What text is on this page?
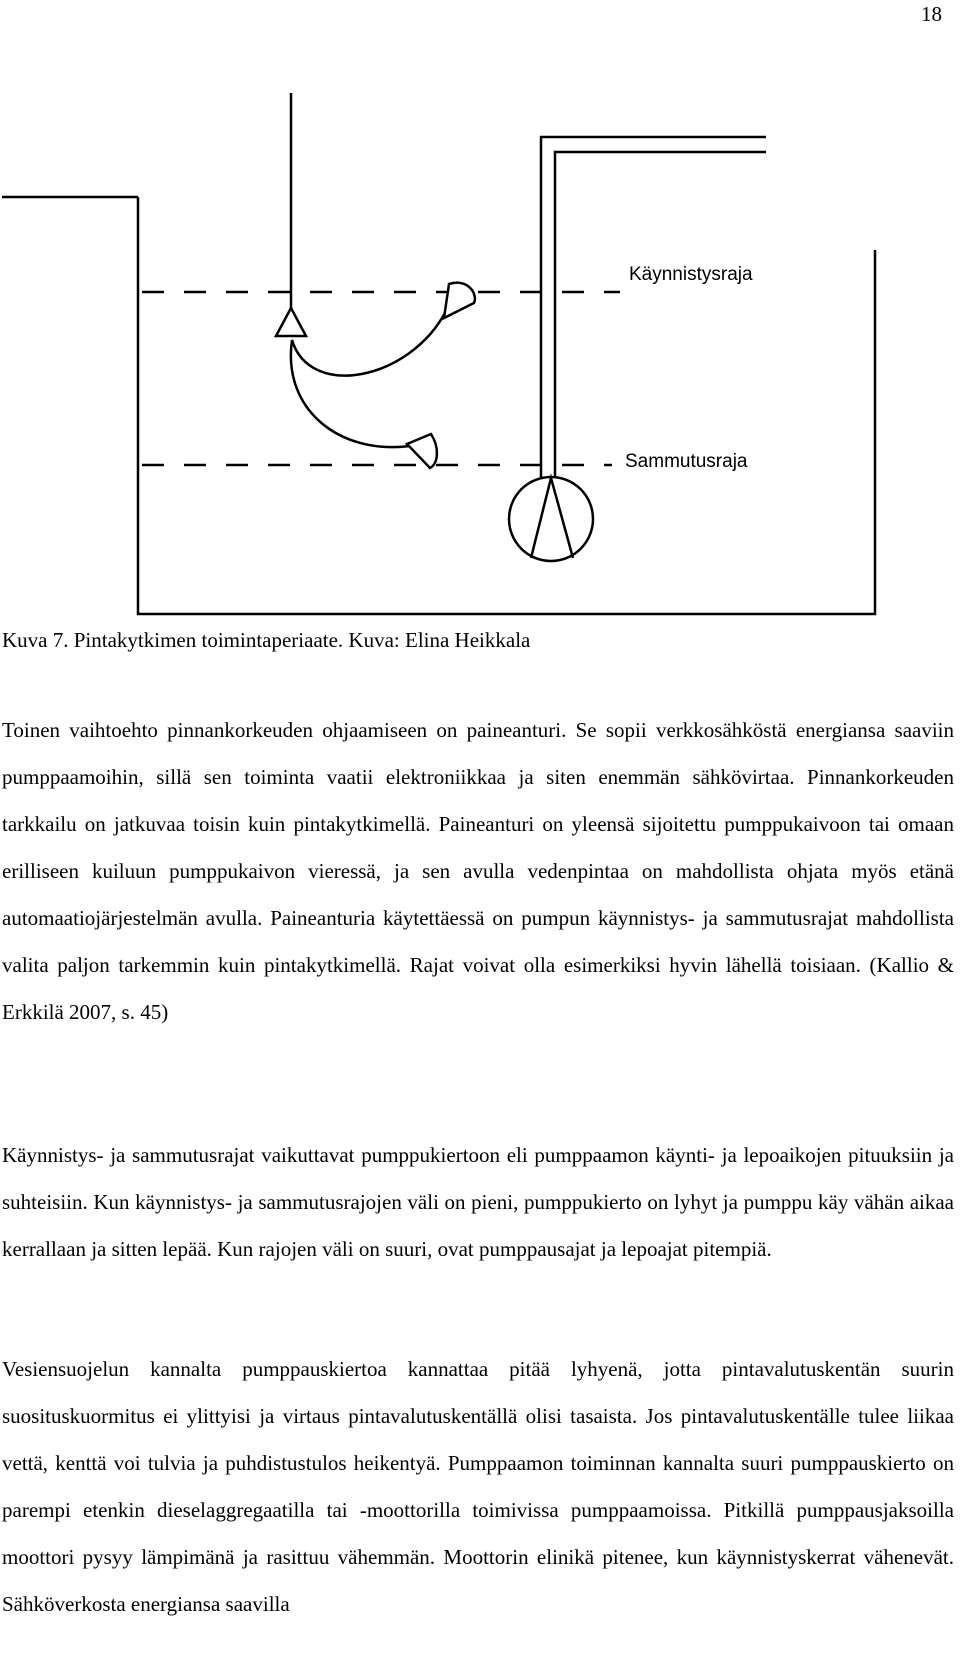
18
Käynnistysraja
Sammutusraja
Kuva 7. Pintakytkimen toimintaperiaate. Kuva: Elina Heikkala

Toinen vaihtoehto pinnankorkeuden ohjaamiseen on paineanturi. Se sopii verkkosähköstä energiansa saaviin pumppaamoihin, sillä sen toiminta vaatii elektroniikkaa ja siten enemmän sähkövirtaa. Pinnankorkeuden tarkkailu on jatkuvaa toisin kuin pintakytkimellä. Paineanturi on yleensä sijoitettu pumppukaivoon tai omaan erilliseen kuiluun pumppukaivon vieressä, ja sen avulla vedenpintaa on mahdollista ohjata myös etänä automaatiojärjestelmän avulla. Paineanturia käytettäessä on pumpun käynnistys- ja sammutusrajat mahdollista valita paljon tarkemmin kuin pintakytkimellä. Rajat voivat olla esimerkiksi hyvin lähellä toisiaan. (Kallio & Erkkilä 2007, s. 45)

Käynnistys- ja sammutusrajat vaikuttavat pumppukiertoon eli pumppaamon käynti- ja lepoaikojen pituuksiin ja suhteisiin. Kun käynnistys- ja sammutusrajojen väli on pieni, pumppukierto on lyhyt ja pumppu käy vähän aikaa kerrallaan ja sitten lepää. Kun rajojen väli on suuri, ovat pumppausajat ja lepoajat pitempiä.

Vesiensuojelun kannalta pumppauskiertoa kannattaa pitää lyhyenä, jotta pintavalutuskentän suurin suosituskuormitus ei ylittyisi ja virtaus pintavalutuskentällä olisi tasaista. Jos pintavalutuskentälle tulee liikaa vettä, kenttä voi tulvia ja puhdistustulos heikentyä. Pumppaamon toiminnan kannalta suuri pumppauskierto on parempi etenkin dieselaggregaatilla tai -moottorilla toimivissa pumppaamoissa. Pitkillä pumppausjaksoilla moottori pysyy lämpimänä ja rasittuu vähemmän. Moottorin elinikä pitenee, kun käynnistyskerrat vähenevät. Sähköverkosta energiansa saavilla
